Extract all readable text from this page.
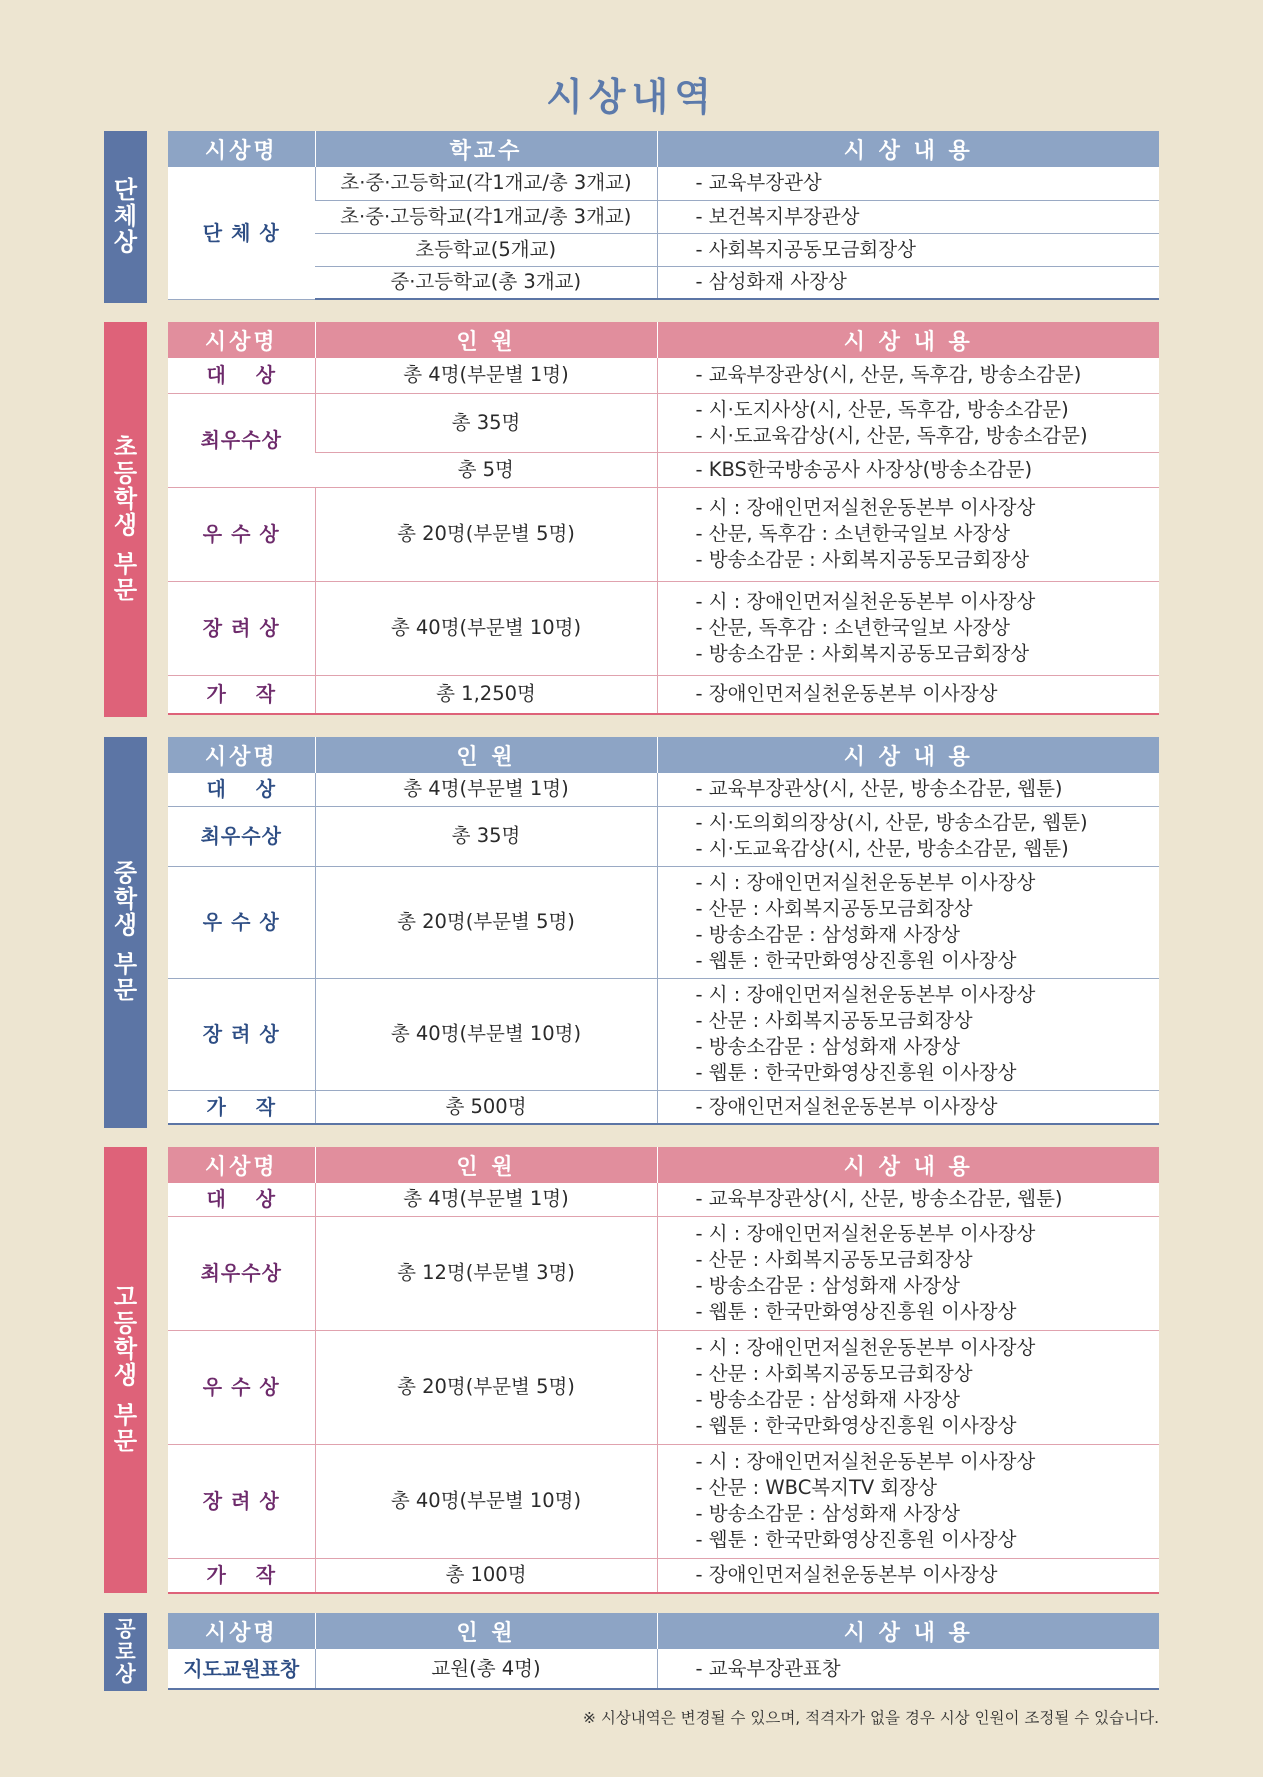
시상내역
단
체
상
시상명	학교수	시 상 내 용
단 체 상	초·중·고등학교(각1개교/총 3개교)	- 교육부장관상

	초·중·고등학교(각1개교/총 3개교)	- 보건복지부장관상

	초등학교(5개교)	- 사회복지공동모금회장상

	중·고등학교(총 3개교)	- 삼성화재 사장상
초
등
학
생
부
문
시상명	인 원	시 상 내 용
대　 상	총 4명(부문별 1명)	- 교육부장관상(시, 산문, 독후감, 방송소감문)

최우수상	총 35명	- 시·도지사상(시, 산문, 독후감, 방송소감문)
- 시·도교육감상(시, 산문, 독후감, 방송소감문)

	총 5명	- KBS한국방송공사 사장상(방송소감문)

우 수 상	총 20명(부문별 5명)	- 시 : 장애인먼저실천운동본부 이사장상
- 산문, 독후감 : 소년한국일보 사장상
- 방송소감문 : 사회복지공동모금회장상

장 려 상	총 40명(부문별 10명)	- 시 : 장애인먼저실천운동본부 이사장상
- 산문, 독후감 : 소년한국일보 사장상
- 방송소감문 : 사회복지공동모금회장상

가　 작	총 1,250명	- 장애인먼저실천운동본부 이사장상
중
학
생
부
문
시상명	인 원	시 상 내 용
대　 상	총 4명(부문별 1명)	- 교육부장관상(시, 산문, 방송소감문, 웹툰)

최우수상	총 35명	- 시·도의회의장상(시, 산문, 방송소감문, 웹툰)
- 시·도교육감상(시, 산문, 방송소감문, 웹툰)

우 수 상	총 20명(부문별 5명)	- 시 : 장애인먼저실천운동본부 이사장상
- 산문 : 사회복지공동모금회장상
- 방송소감문 : 삼성화재 사장상
- 웹툰 : 한국만화영상진흥원 이사장상

장 려 상	총 40명(부문별 10명)	- 시 : 장애인먼저실천운동본부 이사장상
- 산문 : 사회복지공동모금회장상
- 방송소감문 : 삼성화재 사장상
- 웹툰 : 한국만화영상진흥원 이사장상

가　 작	총 500명	- 장애인먼저실천운동본부 이사장상
고
등
학
생
부
문
시상명	인 원	시 상 내 용
대　 상	총 4명(부문별 1명)	- 교육부장관상(시, 산문, 방송소감문, 웹툰)

최우수상	총 12명(부문별 3명)	- 시 : 장애인먼저실천운동본부 이사장상
- 산문 : 사회복지공동모금회장상
- 방송소감문 : 삼성화재 사장상
- 웹툰 : 한국만화영상진흥원 이사장상

우 수 상	총 20명(부문별 5명)	- 시 : 장애인먼저실천운동본부 이사장상
- 산문 : 사회복지공동모금회장상
- 방송소감문 : 삼성화재 사장상
- 웹툰 : 한국만화영상진흥원 이사장상

장 려 상	총 40명(부문별 10명)	- 시 : 장애인먼저실천운동본부 이사장상
- 산문 : WBC복지TV 회장상
- 방송소감문 : 삼성화재 사장상
- 웹툰 : 한국만화영상진흥원 이사장상

가　 작	총 100명	- 장애인먼저실천운동본부 이사장상
공
로
상
시상명	인 원	시 상 내 용
지도교원표창	교원(총 4명)	- 교육부장관표창
※ 시상내역은 변경될 수 있으며, 적격자가 없을 경우 시상 인원이 조정될 수 있습니다.
